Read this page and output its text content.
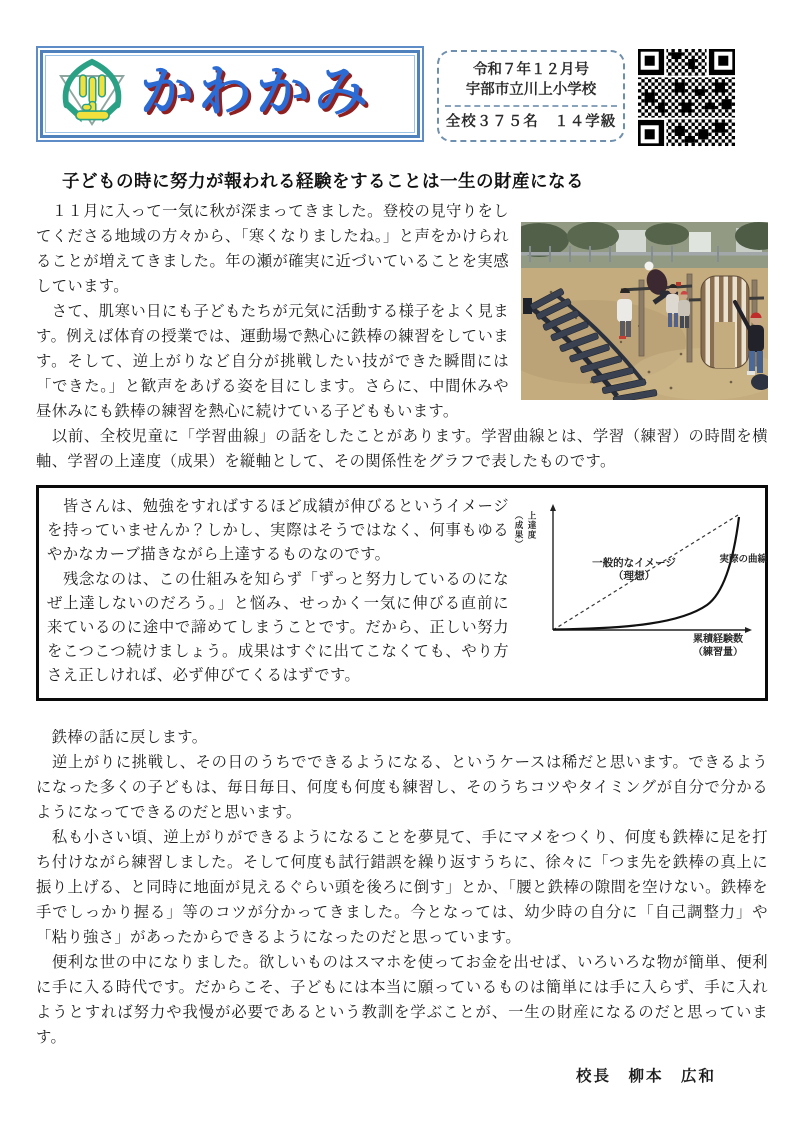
かわかみ	令和７年１２月号
宇部市立川上小学校
全校３７５名　１４学級
子どもの時に努力が報われる経験をすることは一生の財産になる

　１１月に入って一気に秋が深まってきました。登校の見守りをしてくださる地域の方々から、「寒くなりましたね。」と声をかけられることが増えてきました。年の瀬が確実に近づいていることを実感しています。

　さて、肌寒い日にも子どもたちが元気に活動する様子をよく見ます。例えば体育の授業では、運動場で熱心に鉄棒の練習をしています。そして、逆上がりなど自分が挑戦したい技ができた瞬間には「できた。」と歓声をあげる姿を目にします。さらに、中間休みや昼休みにも鉄棒の練習を熱心に続けている子どももいます。

　以前、全校児童に「学習曲線」の話をしたことがあります。学習曲線とは、学習（練習）の時間を横軸、学習の上達度（成果）を縦軸として、その関係性をグラフで表したものです。

　皆さんは、勉強をすればするほど成績が伸びるというイメージを持っていませんか？しかし、実際はそうではなく、何事もゆるやかなカーブ描きながら上達するものなのです。

　残念なのは、この仕組みを知らず「ずっと努力しているのになぜ上達しないのだろう。」と悩み、せっかく一気に伸びる直前に来ているのに途中で諦めてしまうことです。だから、正しい努力をこつこつ続けましょう。成果はすぐに出てこなくても、やり方さえ正しければ、必ず伸びてくるはずです。

（成果） 上達度
一般的なイメージ
（理想）
実際の曲線
累積経験数
（練習量）

　鉄棒の話に戻します。

　逆上がりに挑戦し、その日のうちでできるようになる、というケースは稀だと思います。できるようになった多くの子どもは、毎日毎日、何度も何度も練習し、そのうちコツやタイミングが自分で分かるようになってできるのだと思います。

　私も小さい頃、逆上がりができるようになることを夢見て、手にマメをつくり、何度も鉄棒に足を打ち付けながら練習しました。そして何度も試行錯誤を繰り返すうちに、徐々に「つま先を鉄棒の真上に振り上げる、と同時に地面が見えるぐらい頭を後ろに倒す」とか、「腰と鉄棒の隙間を空けない。鉄棒を手でしっかり握る」等のコツが分かってきました。今となっては、幼少時の自分に「自己調整力」や「粘り強さ」があったからできるようになったのだと思っています。

　便利な世の中になりました。欲しいものはスマホを使ってお金を出せば、いろいろな物が簡単、便利に手に入る時代です。だからこそ、子どもには本当に願っているものは簡単には手に入らず、手に入れようとすれば努力や我慢が必要であるという教訓を学ぶことが、一生の財産になるのだと思っています。

校長　柳本　広和
